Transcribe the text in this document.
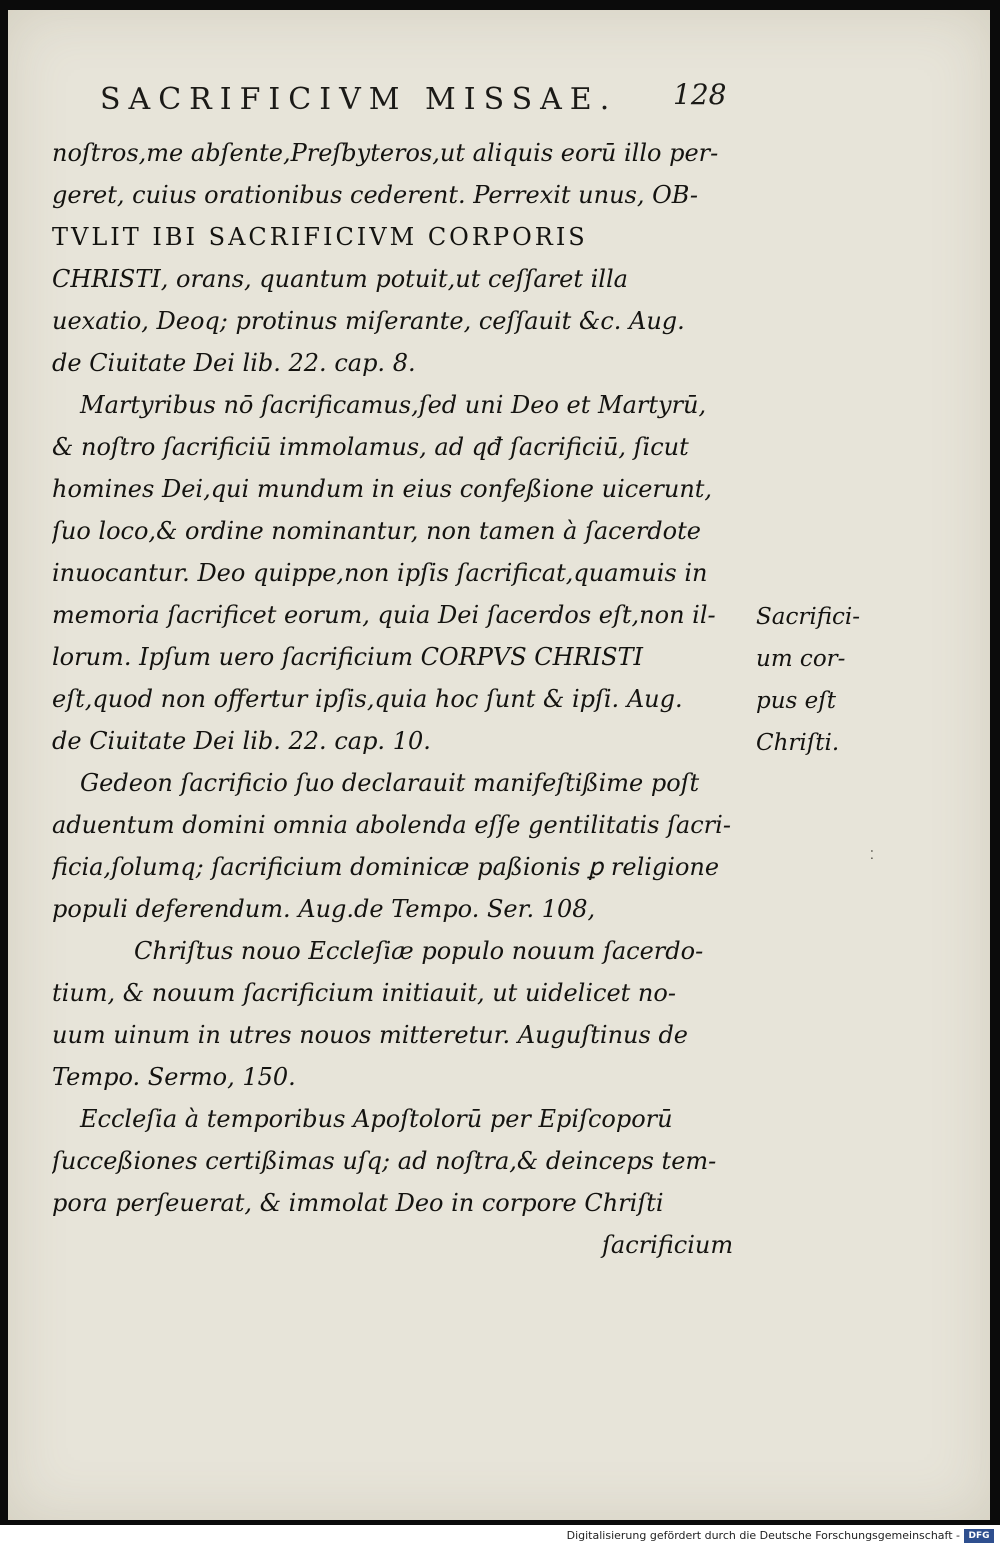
SACRIFICIVM MISSAE. 128
noſtros,me abſente,Preſbyteros,ut aliquis eorū illo per-
geret, cuius orationibus cederent. Perrexit unus, OB-
TVLIT IBI SACRIFICIVM CORPORIS
CHRISTI, orans, quantum potuit,ut ceſſaret illa
uexatio, Deoq; protinus miſerante, ceſſauit &c. Aug.
de Ciuitate Dei lib. 22. cap. 8.
Martyribus nō ſacrificamus,ſed uni Deo et Martyrū,
& noſtro ſacrificiū immolamus, ad qđ ſacrificiū, ſicut
homines Dei,qui mundum in eius confeßione uicerunt,
ſuo loco,& ordine nominantur, non tamen à ſacerdote
inuocantur. Deo quippe,non ipſis ſacrificat,quamuis in
memoria ſacrificet eorum, quia Dei ſacerdos eſt,non il-
lorum. Ipſum uero ſacrificium CORPVS CHRISTI
eſt,quod non offertur ipſis,quia hoc ſunt & ipſi. Aug.
de Ciuitate Dei lib. 22. cap. 10.
Gedeon ſacrificio ſuo declarauit manifeſtißime poſt
aduentum domini omnia abolenda eſſe gentilitatis ſacri-
ficia,ſolumq; ſacrificium dominicæ paßionis ꝑ religione
populi deferendum. Aug.de Tempo. Ser. 108,
Chriſtus nouo Eccleſiæ populo nouum ſacerdo-
tium, & nouum ſacrificium initiauit, ut uidelicet no-
uum uinum in utres nouos mitteretur. Auguſtinus de
Tempo. Sermo, 150.
Eccleſia à temporibus Apoſtolorū per Epiſcoporū
ſucceßiones certißimas uſq; ad noſtra,& deinceps tem-
pora perſeuerat, & immolat Deo in corpore Chriſti
ſacrificium
Sacrifici-
um cor-
pus eſt
Chriſti.
⁚
Digitalisierung gefördert durch die Deutsche Forschungsgemeinschaft - DFG
